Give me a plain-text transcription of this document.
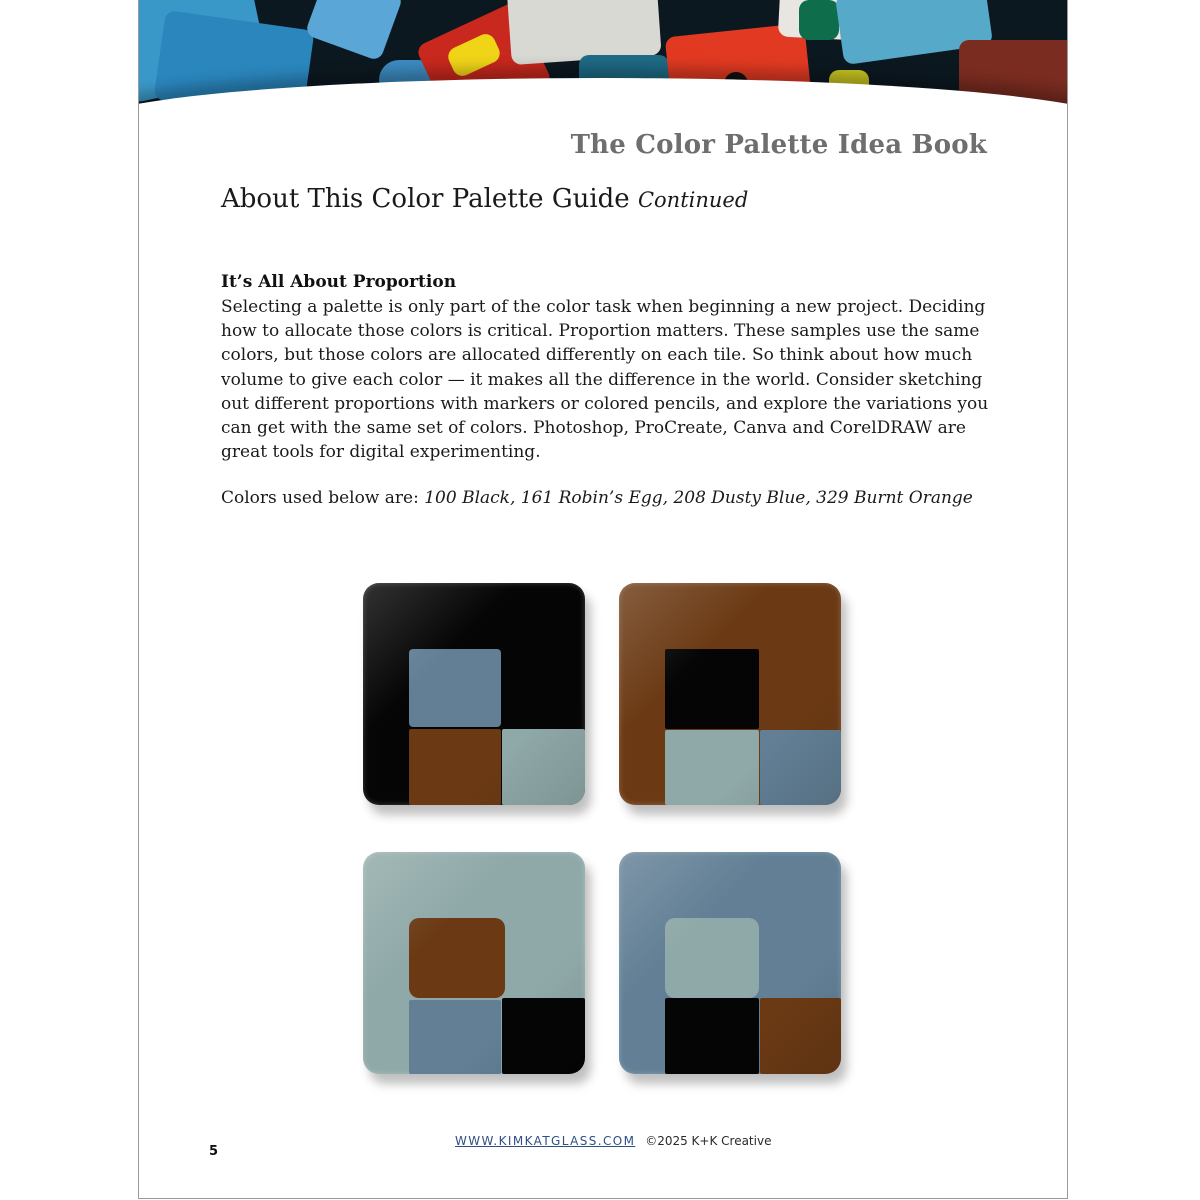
The Color Palette Idea Book
About This Color Palette Guide Continued
It’s All About Proportion

Selecting a palette is only part of the color task when beginning a new project. Deciding how to allocate those colors is critical. Proportion matters. These samples use the same colors, but those colors are allocated differently on each tile. So think about how much volume to give each color — it makes all the difference in the world. Consider sketching out different proportions with markers or colored pencils, and explore the variations you can get with the same set of colors. Photoshop, ProCreate, Canva and CorelDRAW are great tools for digital experimenting.

Colors used below are: 100 Black, 161 Robin’s Egg, 208 Dusty Blue, 329 Burnt Orange
WWW.KIMKATGLASS.COM ©2025 K+K Creative
5
